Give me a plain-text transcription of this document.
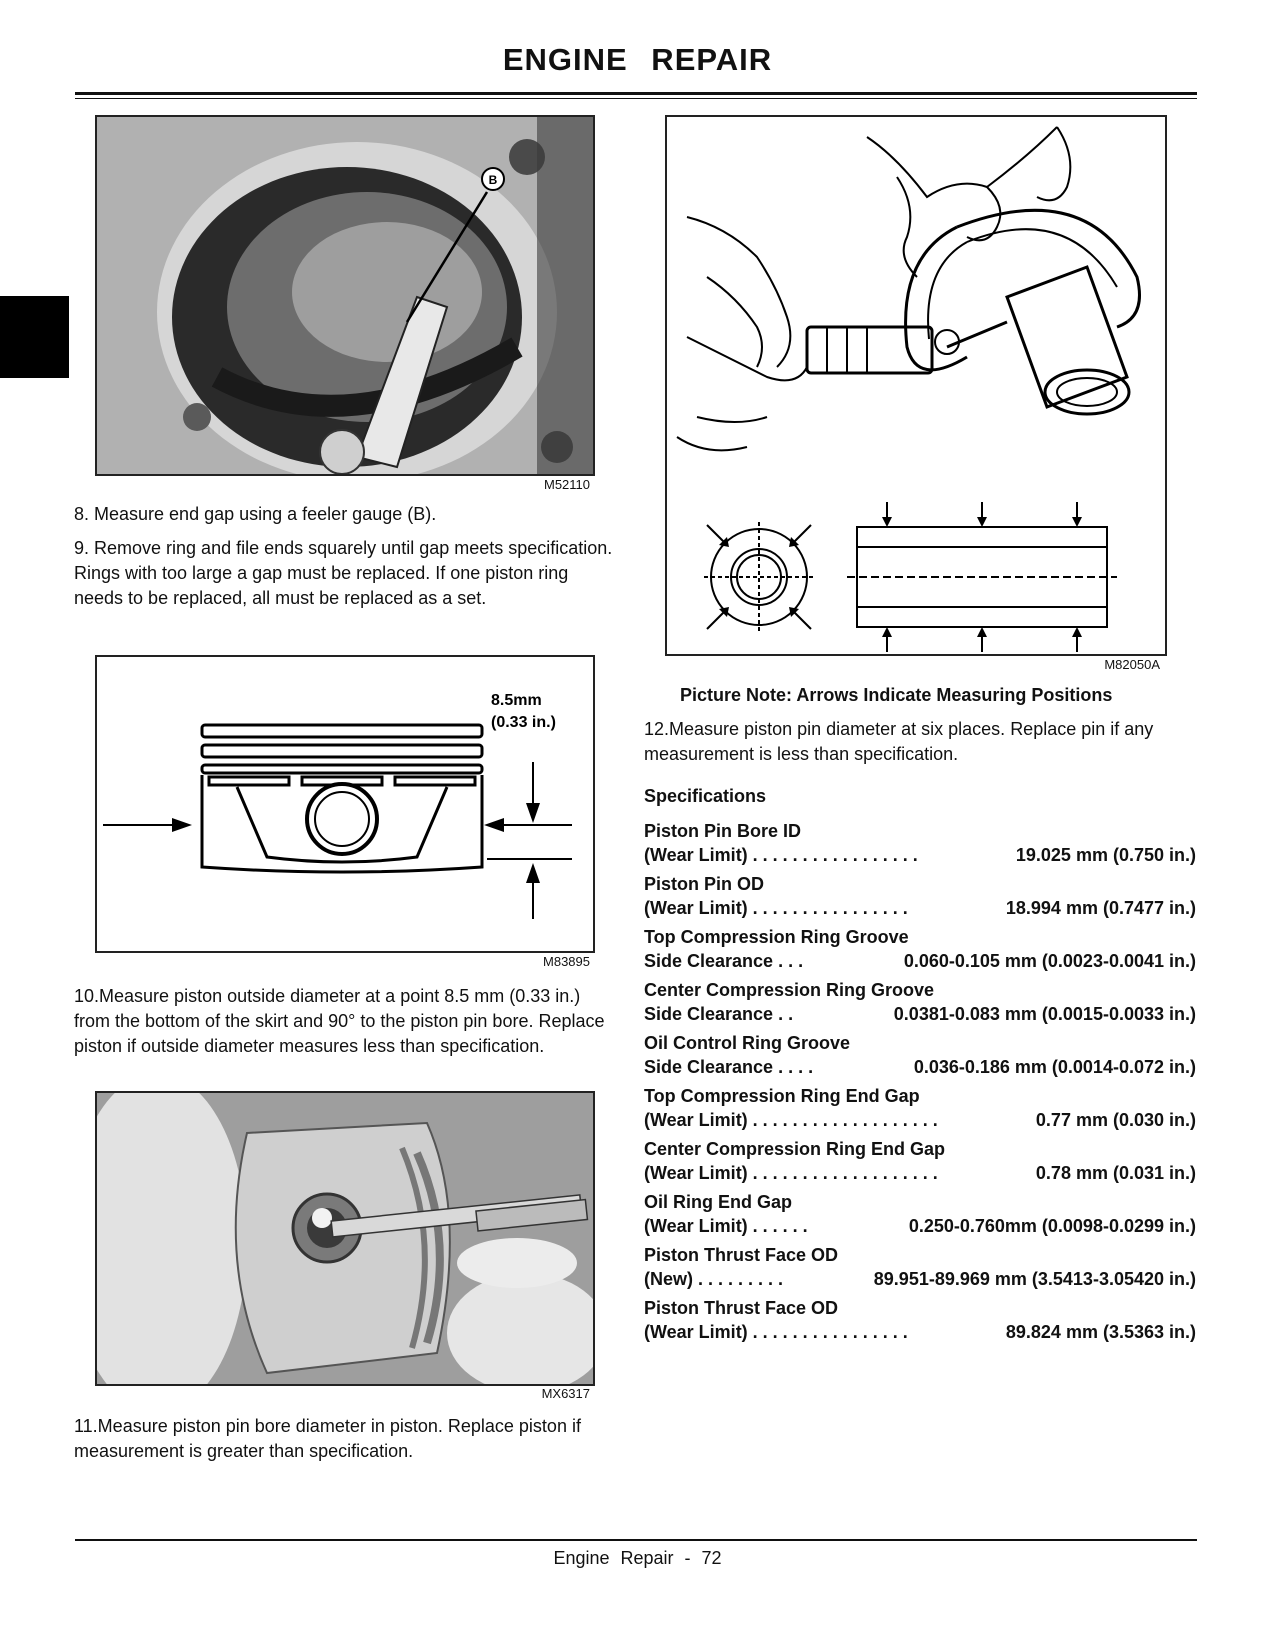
ENGINE REPAIR
B
M52110
8. Measure end gap using a feeler gauge (B).
9. Remove ring and file ends squarely until gap meets specification. Rings with too large a gap must be replaced. If one piston ring needs to be replaced, all must be replaced as a set.
8.5mm
(0.33 in.)
M83895
10.Measure piston outside diameter at a point 8.5 mm (0.33 in.) from the bottom of the skirt and 90° to the piston pin bore. Replace piston if outside diameter measures less than specification.
MX6317
11.Measure piston pin bore diameter in piston. Replace piston if measurement is greater than specification.
M82050A
Picture Note: Arrows Indicate Measuring Positions
12.Measure piston pin diameter at six places. Replace pin if any measurement is less than specification.
Specifications
Piston Pin Bore ID
(Wear Limit) . . . . . . . . . . . . . . . . .	19.025 mm (0.750 in.)
Piston Pin OD
(Wear Limit) . . . . . . . . . . . . . . . .	18.994 mm (0.7477 in.)
Top Compression Ring Groove
Side Clearance . . .	0.060-0.105 mm (0.0023-0.0041 in.)
Center Compression Ring Groove
Side Clearance . .	0.0381-0.083 mm (0.0015-0.0033 in.)
Oil Control Ring Groove
Side Clearance . . . .	0.036-0.186 mm (0.0014-0.072 in.)
Top Compression Ring End Gap
(Wear Limit) . . . . . . . . . . . . . . . . . . .	0.77 mm (0.030 in.)
Center Compression Ring End Gap
(Wear Limit) . . . . . . . . . . . . . . . . . . .	0.78 mm (0.031 in.)
Oil Ring End Gap
(Wear Limit) . . . . . .	0.250-0.760mm (0.0098-0.0299 in.)
Piston Thrust Face OD
(New) . . . . . . . . .	89.951-89.969 mm (3.5413-3.05420 in.)
Piston Thrust Face OD
(Wear Limit) . . . . . . . . . . . . . . . .	89.824 mm (3.5363 in.)
Engine Repair - 72
